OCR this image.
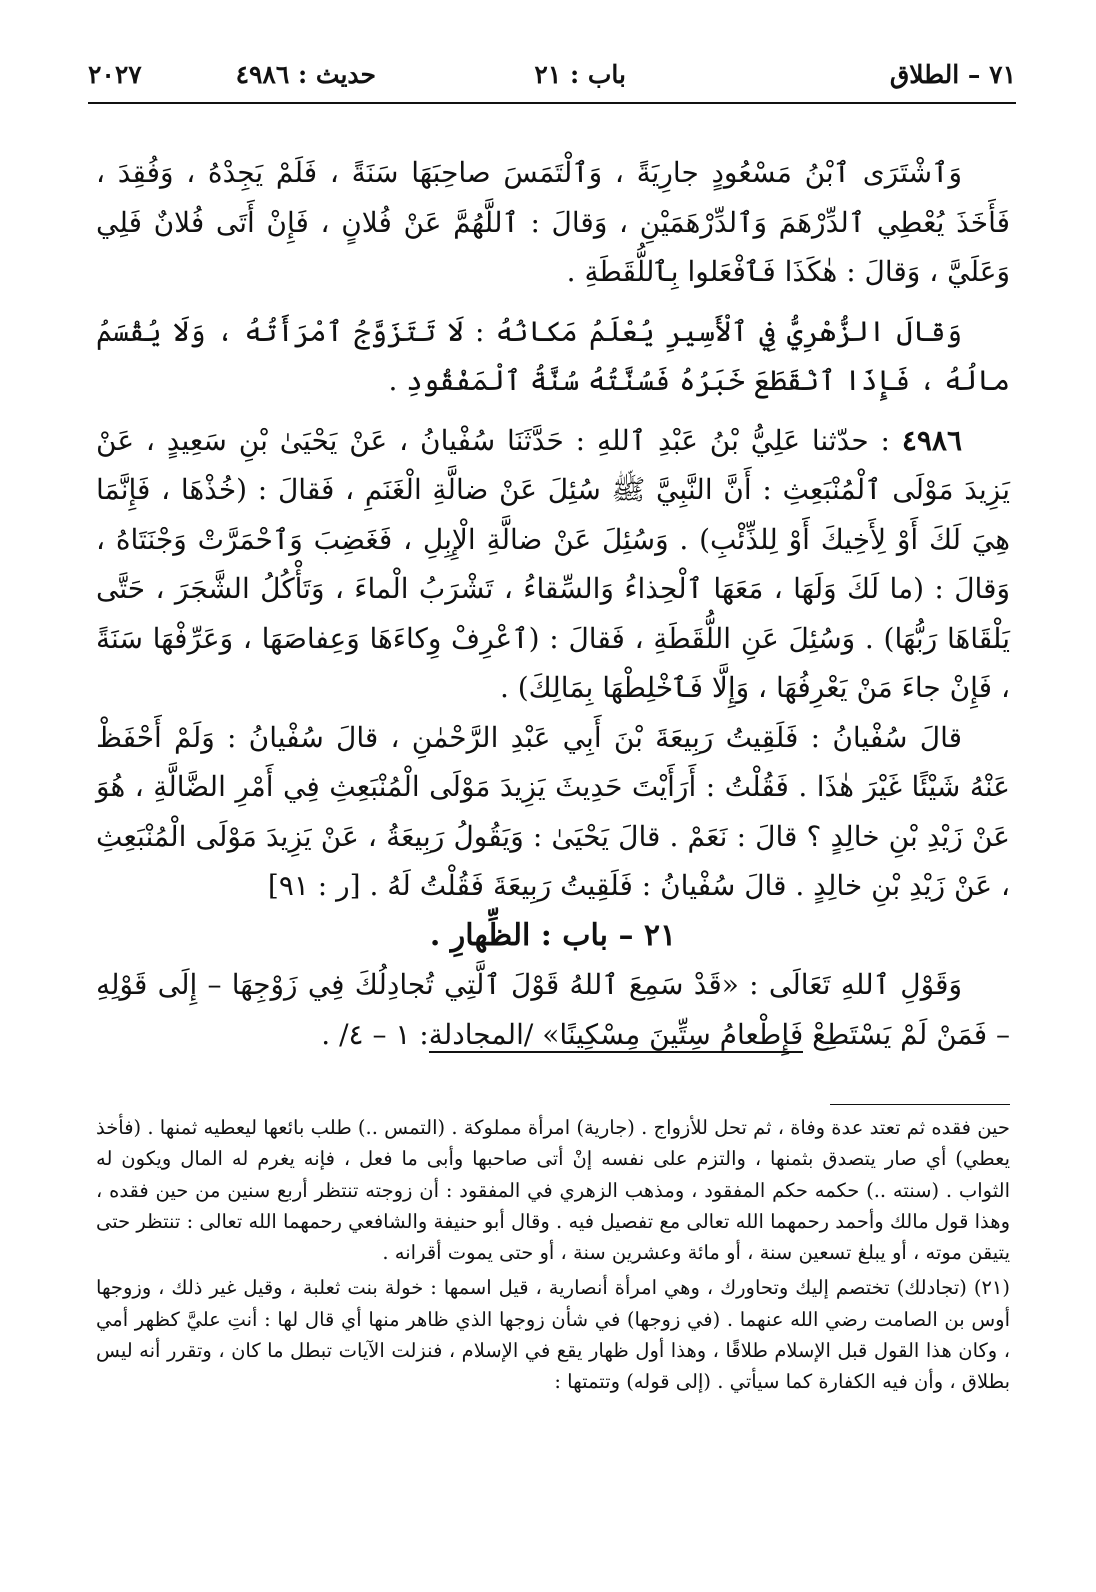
٧١ – الطلاق
باب : ٢١
حديث : ٤٩٨٦
٢٠٢٧

وَٱشْتَرَى ٱبْنُ مَسْعُودٍ جارِيَةً ، وَٱلْتَمَسَ صاحِبَهَا سَنَةً ، فَلَمْ يَجِدْهُ ، وَفُقِدَ ، فَأَخَذَ يُعْطِي ٱلدِّرْهَمَ وَٱلدِّرْهَمَيْنِ ، وَقالَ : ٱللَّهُمَّ عَنْ فُلانٍ ، فَإِنْ أَتَى فُلانٌ فَلِي وَعَلَيَّ ، وَقالَ : هٰكَذَا فَٱفْعَلوا بِٱللُّقَطَةِ .

وَقالَ الزُّهْرِيُّ فِي ٱلْأَسِيرِ يُعْلَمُ مَكانُهُ : لَا تَتَزَوَّجُ ٱمْرَأَتُهُ ، وَلَا يُقْسَمُ مالُهُ ، فَإِذَا ٱنْقَطَعَ خَبَرُهُ فَسُنَّتُهُ سُنَّةُ ٱلْمَفْقُودِ .

٤٩٨٦ : حدّثنا عَلِيُّ بْنُ عَبْدِ ٱللهِ : حَدَّثَنَا سُفْيانُ ، عَنْ يَحْيَىٰ بْنِ سَعِيدٍ ، عَنْ يَزِيدَ مَوْلَى ٱلْمُنْبَعِثِ : أَنَّ النَّبِيَّ ﷺ سُئِلَ عَنْ ضالَّةِ الْغَنَمِ ، فَقالَ : (خُذْهَا ، فَإِنَّمَا هِيَ لَكَ أَوْ لِأَخِيكَ أَوْ لِلذِّئْبِ) . وَسُئِلَ عَنْ ضالَّةِ الْإِبِلِ ، فَغَضِبَ وَٱحْمَرَّتْ وَجْنَتَاهُ ، وَقالَ : (ما لَكَ وَلَهَا ، مَعَهَا ٱلْحِذاءُ وَالسِّقاءُ ، تَشْرَبُ الْماءَ ، وَتَأْكُلُ الشَّجَرَ ، حَتَّى يَلْقَاهَا رَبُّهَا) . وَسُئِلَ عَنِ اللُّقَطَةِ ، فَقالَ : (ٱعْرِفْ وِكاءَهَا وَعِفاصَهَا ، وَعَرِّفْهَا سَنَةً ، فَإِنْ جاءَ مَنْ يَعْرِفُهَا ، وَإِلَّا فَٱخْلِطْهَا بِمَالِكَ) .

قالَ سُفْيانُ : فَلَقِيتُ رَبِيعَةَ بْنَ أَبِي عَبْدِ الرَّحْمٰنِ ، قالَ سُفْيانُ : وَلَمْ أَحْفَظْ عَنْهُ شَيْئًا غَيْرَ هٰذَا . فَقُلْتُ : أَرَأَيْتَ حَدِيثَ يَزِيدَ مَوْلَى الْمُنْبَعِثِ فِي أَمْرِ الضَّالَّةِ ، هُوَ عَنْ زَيْدِ بْنِ خالِدٍ ؟ قالَ : نَعَمْ . قالَ يَحْيَىٰ : وَيَقُولُ رَبِيعَةُ ، عَنْ يَزِيدَ مَوْلَى الْمُنْبَعِثِ ، عَنْ زَيْدِ بْنِ خالِدٍ . قالَ سُفْيانُ : فَلَقِيتُ رَبِيعَةَ فَقُلْتُ لَهُ . [ر : ٩١]

٢١ – باب : الظِّهارِ .

وَقَوْلِ ٱللهِ تَعَالَى : «قَدْ سَمِعَ ٱللهُ قَوْلَ ٱلَّتِي تُجادِلُكَ فِي زَوْجِهَا – إِلَى قَوْلِهِ – فَمَنْ لَمْ يَسْتَطِعْ فَإِطْعامُ سِتِّينَ مِسْكِينًا» /المجادلة: ١ – ٤/ .

حين فقده ثم تعتد عدة وفاة ، ثم تحل للأزواج . (جارية) امرأة مملوكة . (التمس ..) طلب بائعها ليعطيه ثمنها . (فأخذ يعطي) أي صار يتصدق بثمنها ، والتزم على نفسه إنْ أتى صاحبها وأبى ما فعل ، فإنه يغرم له المال ويكون له الثواب . (سنته ..) حكمه حكم المفقود ، ومذهب الزهري في المفقود : أن زوجته تنتظر أربع سنين من حين فقده ، وهذا قول مالك وأحمد رحمهما الله تعالى مع تفصيل فيه . وقال أبو حنيفة والشافعي رحمهما الله تعالى : تنتظر حتى يتيقن موته ، أو يبلغ تسعين سنة ، أو مائة وعشرين سنة ، أو حتى يموت أقرانه .

(٢١) (تجادلك) تختصم إليك وتحاورك ، وهي امرأة أنصارية ، قيل اسمها : خولة بنت ثعلبة ، وقيل غير ذلك ، وزوجها أوس بن الصامت رضي الله عنهما . (في زوجها) في شأن زوجها الذي ظاهر منها أي قال لها : أنتِ عليَّ كظهر أمي ، وكان هذا القول قبل الإسلام طلاقًا ، وهذا أول ظهار يقع في الإسلام ، فنزلت الآيات تبطل ما كان ، وتقرر أنه ليس بطلاق ، وأن فيه الكفارة كما سيأتي . (إلى قوله) وتتمتها :
